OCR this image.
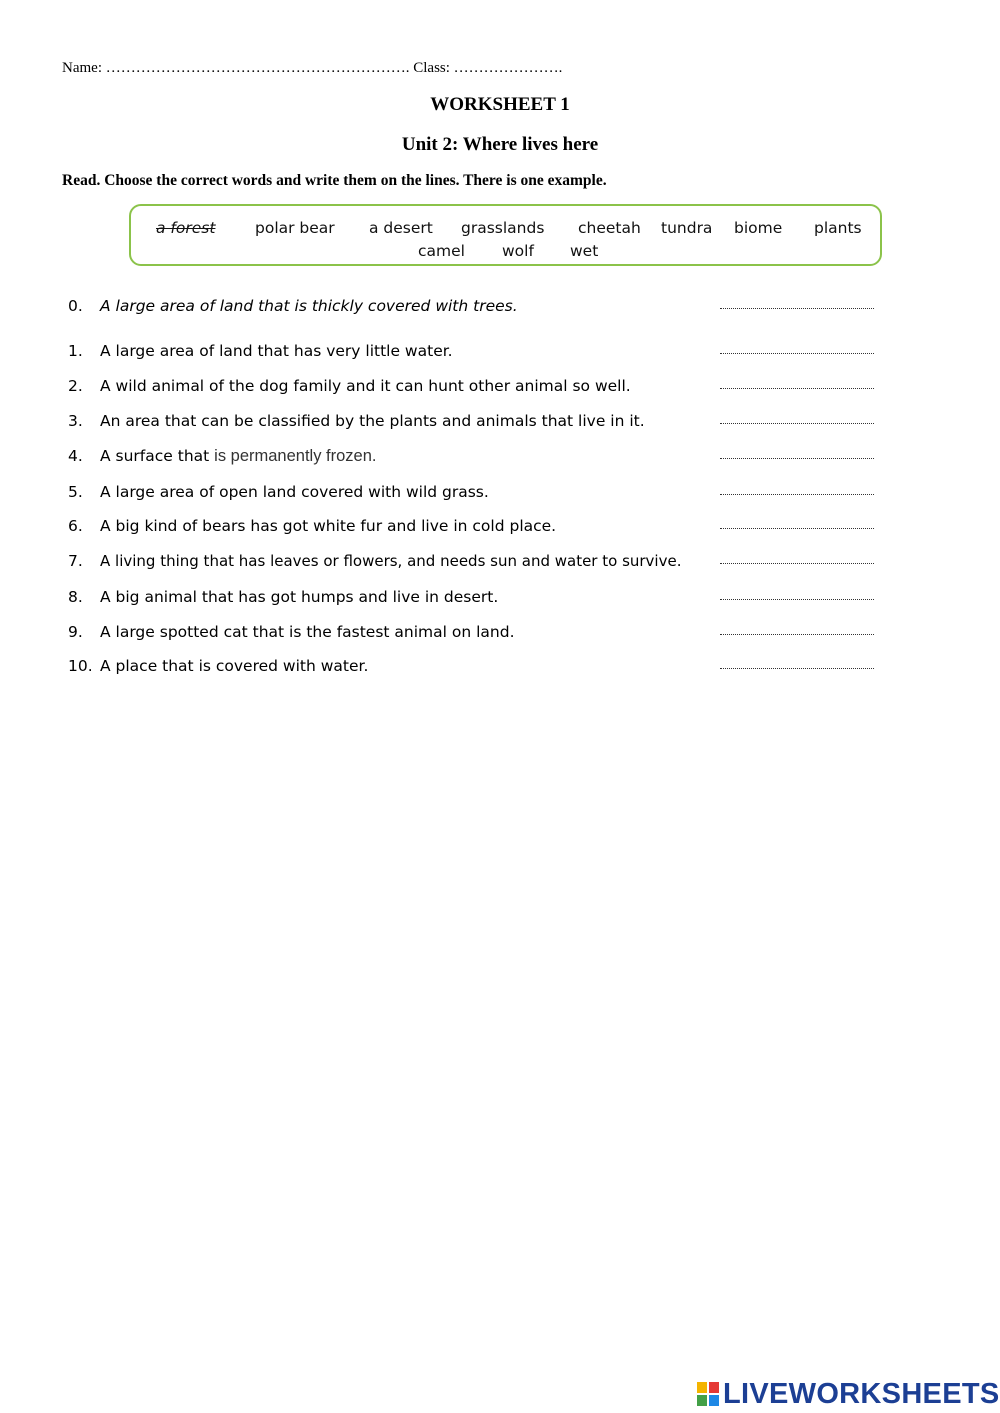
Name: ……………………………………………………. Class: ………………….
WORKSHEET 1
Unit 2: Where lives here
Read. Choose the correct words and write them on the lines. There is one example.
a forest	polar bear a desert grasslands cheetah tundra biome plants
camel wolf wet
0. A large area of land that is thickly covered with trees.
1. A large area of land that has very little water.
2. A wild animal of the dog family and it can hunt other animal so well.
3. An area that can be classified by the plants and animals that live in it.
4. A surface that is permanently frozen.
5. A large area of open land covered with wild grass.
6. A big kind of bears has got white fur and live in cold place.
7. A living thing that has leaves or flowers, and needs sun and water to survive.
8. A big animal that has got humps and live in desert.
9. A large spotted cat that is the fastest animal on land.
10. A place that is covered with water.
LIVEWORKSHEETS
